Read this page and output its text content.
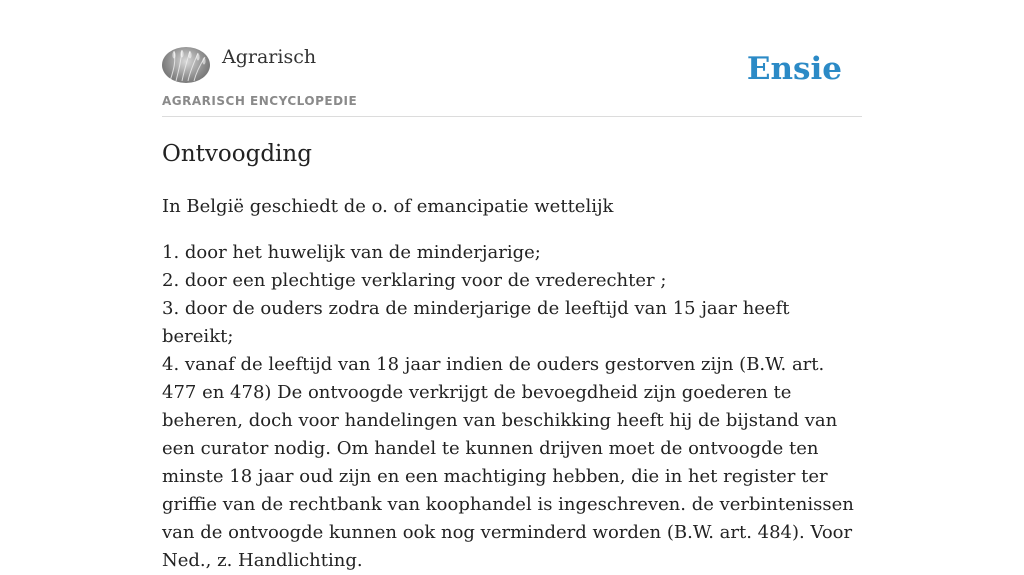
Agrarisch
AGRARISCH ENCYCLOPEDIE
Ensie
Ontvoogding

In België geschiedt de o. of emancipatie wettelijk

1. door het huwelijk van de minderjarige;
2. door een plechtige verklaring voor de vrederechter ;
3. door de ouders zodra de minderjarige de leeftijd van 15 jaar heeft bereikt;
4. vanaf de leeftijd van 18 jaar indien de ouders gestorven zijn (B.W. art. 477 en 478) De ontvoogde verkrijgt de bevoegdheid zijn goederen te beheren, doch voor handelingen van beschikking heeft hij de bijstand van een curator nodig. Om handel te kunnen drijven moet de ontvoogde ten minste 18 jaar oud zijn en een machtiging hebben, die in het register ter griffie van de rechtbank van koophandel is ingeschreven. de verbintenissen van de ontvoogde kunnen ook nog verminderd worden (B.W. art. 484). Voor Ned., z. Handlichting.
